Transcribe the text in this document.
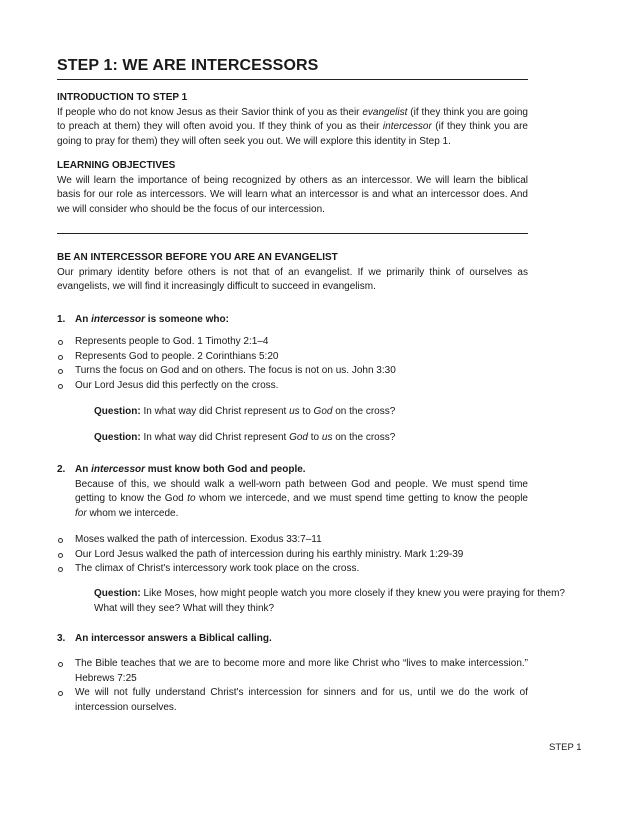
STEP 1: WE ARE INTERCESSORS
INTRODUCTION TO STEP 1
If people who do not know Jesus as their Savior think of you as their evangelist (if they think you are going to preach at them) they will often avoid you. If they think of you as their intercessor (if they think you are going to pray for them) they will often seek you out. We will explore this identity in Step 1.
LEARNING OBJECTIVES
We will learn the importance of being recognized by others as an intercessor. We will learn the biblical basis for our role as intercessors. We will learn what an intercessor is and what an intercessor does. And we will consider who should be the focus of our intercession.
BE AN INTERCESSOR BEFORE YOU ARE AN EVANGELIST
Our primary identity before others is not that of an evangelist. If we primarily think of ourselves as evangelists, we will find it increasingly difficult to succeed in evangelism.
1. An intercessor is someone who:
Represents people to God. 1 Timothy 2:1–4
Represents God to people. 2 Corinthians 5:20
Turns the focus on God and on others. The focus is not on us. John 3:30
Our Lord Jesus did this perfectly on the cross.
Question: In what way did Christ represent us to God on the cross?
Question: In what way did Christ represent God to us on the cross?
2. An intercessor must know both God and people.
Because of this, we should walk a well-worn path between God and people. We must spend time getting to know the God to whom we intercede, and we must spend time getting to know the people for whom we intercede.
Moses walked the path of intercession. Exodus 33:7–11
Our Lord Jesus walked the path of intercession during his earthly ministry. Mark 1:29-39
The climax of Christ's intercessory work took place on the cross.
Question: Like Moses, how might people watch you more closely if they knew you were praying for them? What will they see? What will they think?
3. An intercessor answers a Biblical calling.
The Bible teaches that we are to become more and more like Christ who “lives to make intercession.” Hebrews 7:25
We will not fully understand Christ's intercession for sinners and for us, until we do the work of intercession ourselves.
STEP 1
